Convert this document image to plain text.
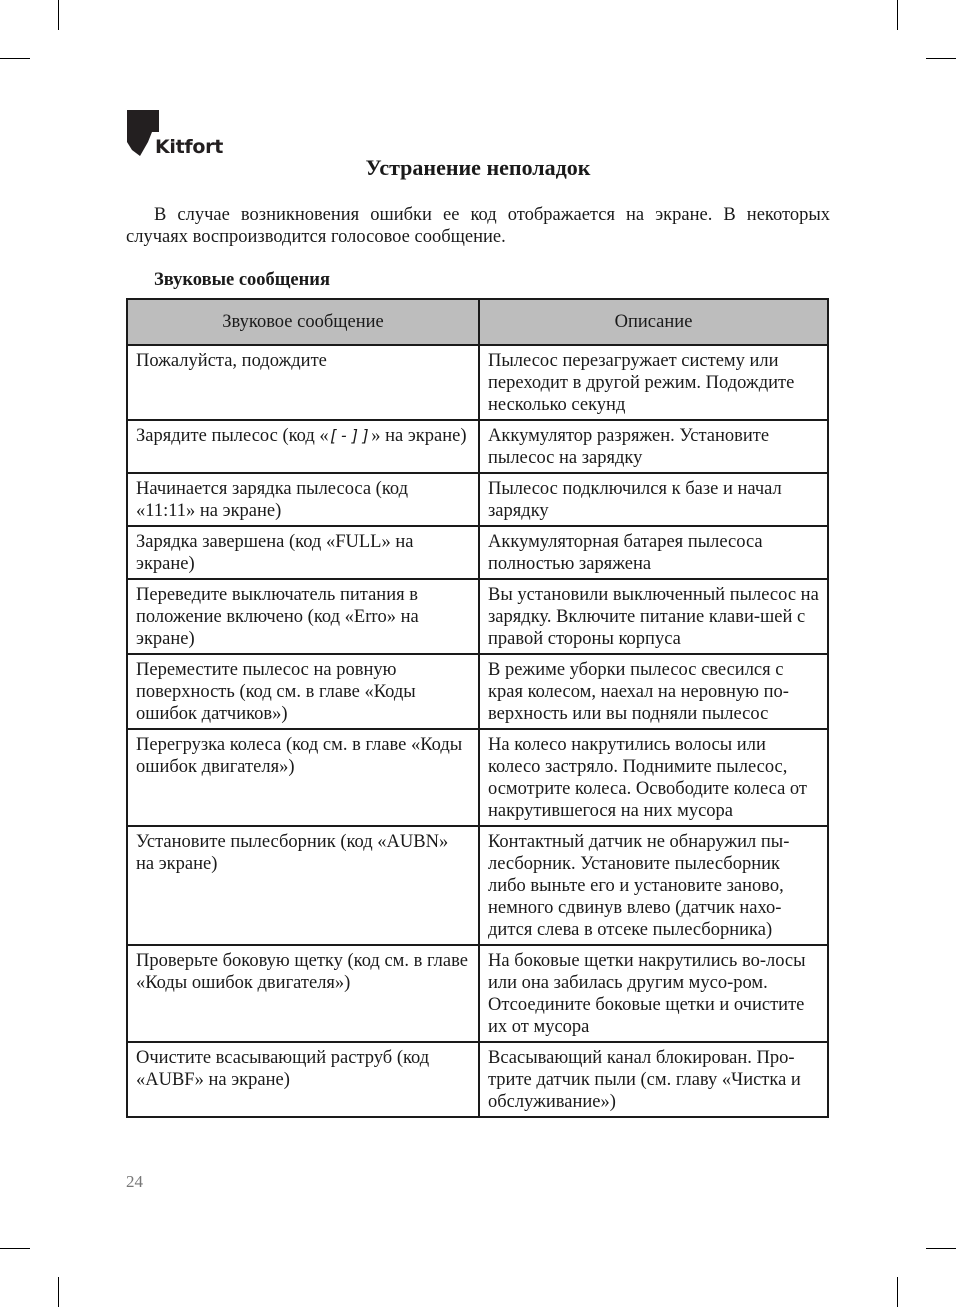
Kitfort
Устранение неполадок

В случае возникновения ошибки ее код отображается на экране. В некоторых случаях воспроизводится голосовое сообщение.

Звуковые сообщения
Звуковое сообщение	Описание
Пожалуйста, подождите	Пылесос перезагружает систему или переходит в другой режим. Подождите несколько секунд
Зарядите пылесос (код «[-]]» на экране)	Аккумулятор разряжен. Установите пылесос на зарядку
Начинается зарядка пылесоса (код «11:11» на экране)	Пылесос подключился к базе и начал зарядку
Зарядка завершена (код «FULL» на экране)	Аккумуляторная батарея пылесоса полностью заряжена
Переведите выключатель питания в положение включено (код «Erro» на экране)	Вы установили выключенный пылесос на зарядку. Включите питание клави-шей с правой стороны корпуса
Переместите пылесос на ровную поверхность (код см. в главе «Коды ошибок датчиков»)	В режиме уборки пылесос свесился с края колесом, наехал на неровную по-верхность или вы подняли пылесос
Перегрузка колеса (код см. в главе «Коды ошибок двигателя»)	На колесо накрутились волосы или колесо застряло. Поднимите пылесос, осмотрите колеса. Освободите колеса от накрутившегося на них мусора
Установите пылесборник (код «AUBN» на экране)	Контактный датчик не обнаружил пы-лесборник. Установите пылесборник либо выньте его и установите заново, немного сдвинув влево (датчик нахо-дится слева в отсеке пылесборника)
Проверьте боковую щетку (код см. в главе «Коды ошибок двигателя»)	На боковые щетки накрутились во-лосы или она забилась другим мусо-ром. Отсоедините боковые щетки и очистите их от мусора
Очистите всасывающий раструб (код «AUBF» на экране)	Всасывающий канал блокирован. Про-трите датчик пыли (см. главу «Чистка и обслуживание»)
24
